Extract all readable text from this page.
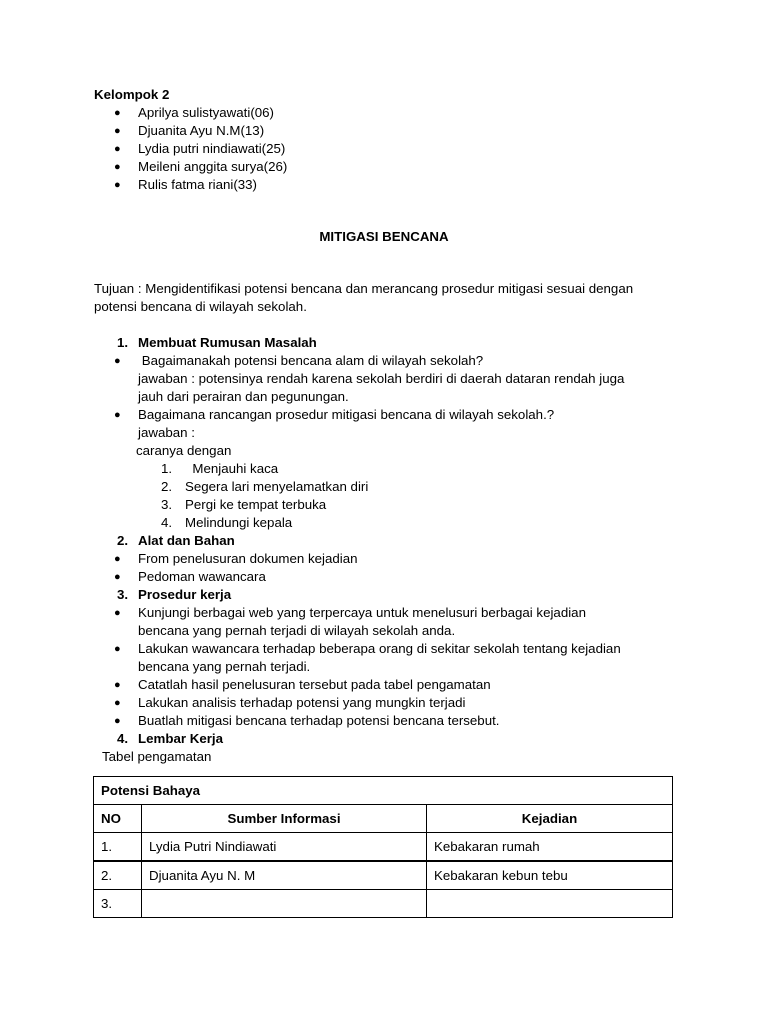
Kelompok 2
● Aprilya sulistyawati(06)
● Djuanita Ayu N.M(13)
● Lydia putri nindiawati(25)
● Meileni anggita surya(26)
● Rulis fatma riani(33)
MITIGASI BENCANA
Tujuan : Mengidentifikasi potensi bencana dan merancang prosedur mitigasi sesuai dengan
potensi bencana di wilayah sekolah.
1. Membuat Rumusan Masalah
● Bagaimanakah potensi bencana alam di wilayah sekolah?
jawaban : potensinya rendah karena sekolah berdiri di daerah dataran rendah juga
jauh dari perairan dan pegunungan.
● Bagaimana rancangan prosedur mitigasi bencana di wilayah sekolah.?
jawaban :
caranya dengan
1. Menjauhi kaca
2. Segera lari menyelamatkan diri
3. Pergi ke tempat terbuka
4. Melindungi kepala
2. Alat dan Bahan
● From penelusuran dokumen kejadian
● Pedoman wawancara
3. Prosedur kerja
● Kunjungi berbagai web yang terpercaya untuk menelusuri berbagai kejadian
bencana yang pernah terjadi di wilayah sekolah anda.
● Lakukan wawancara terhadap beberapa orang di sekitar sekolah tentang kejadian
bencana yang pernah terjadi.
● Catatlah hasil penelusuran tersebut pada tabel pengamatan
● Lakukan analisis terhadap potensi yang mungkin terjadi
● Buatlah mitigasi bencana terhadap potensi bencana tersebut.
4. Lembar Kerja
Tabel pengamatan
Potensi Bahaya		
NO	Sumber Informasi	Kejadian
1.	Lydia Putri Nindiawati	Kebakaran rumah
2.	Djuanita Ayu N. M	Kebakaran kebun tebu
3.		
